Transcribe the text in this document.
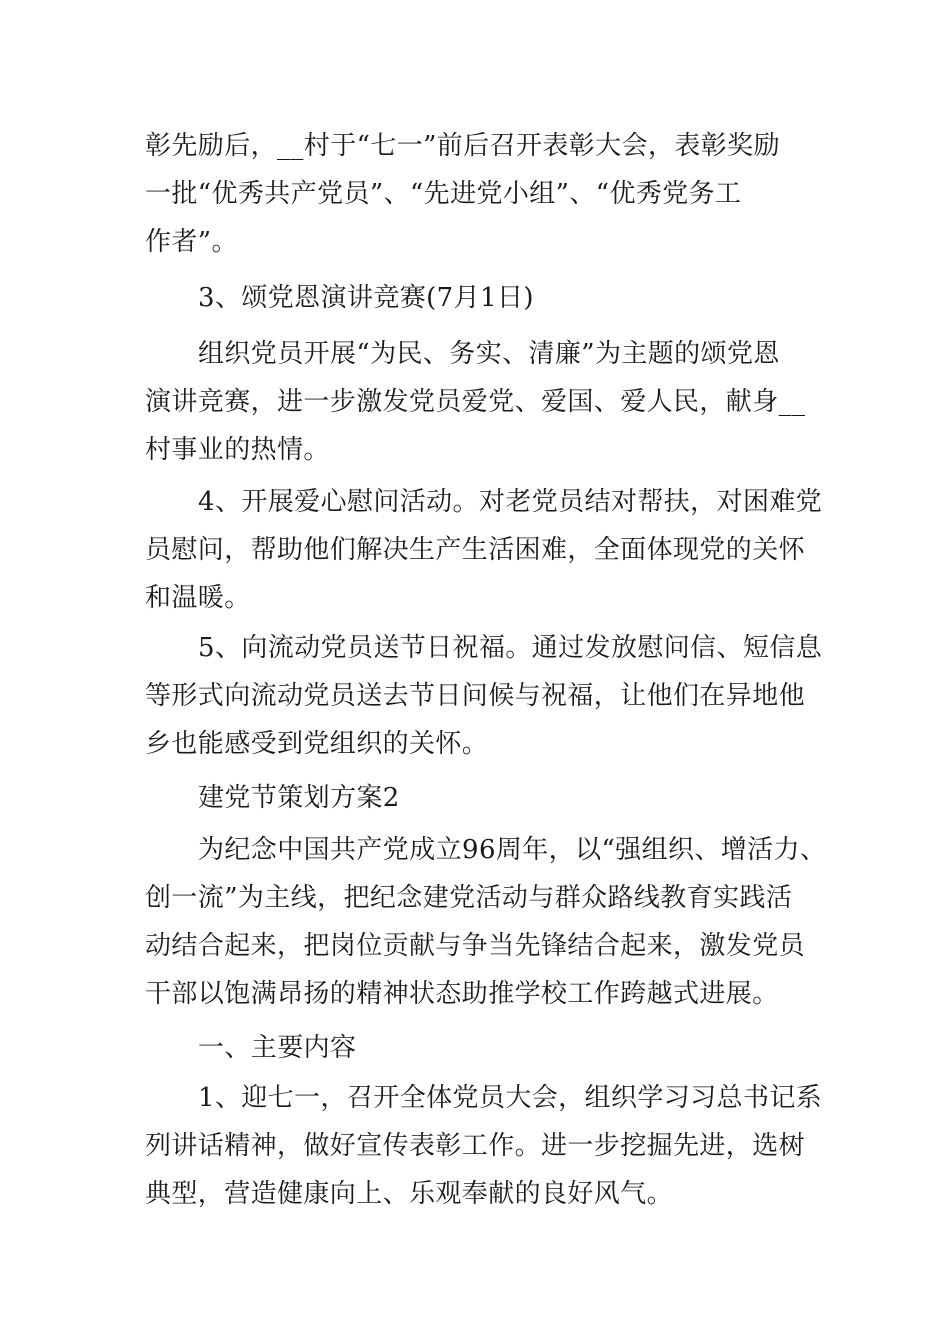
彰先励后，__村于“七一”前后召开表彰大会，表彰奖励
一批“优秀共产党员”、“先进党小组”、“优秀党务工
作者”。
3、颂党恩演讲竞赛(7月1日)
组织党员开展“为民、务实、清廉”为主题的颂党恩
演讲竞赛，进一步激发党员爱党、爱国、爱人民，献身__
村事业的热情。
4、开展爱心慰问活动。对老党员结对帮扶，对困难党
员慰问，帮助他们解决生产生活困难，全面体现党的关怀
和温暖。
5、向流动党员送节日祝福。通过发放慰问信、短信息
等形式向流动党员送去节日问候与祝福，让他们在异地他
乡也能感受到党组织的关怀。
建党节策划方案2
为纪念中国共产党成立96周年，以“强组织、增活力、
创一流”为主线，把纪念建党活动与群众路线教育实践活
动结合起来，把岗位贡献与争当先锋结合起来，激发党员
干部以饱满昂扬的精神状态助推学校工作跨越式进展。
一、主要内容
1、迎七一，召开全体党员大会，组织学习习总书记系
列讲话精神，做好宣传表彰工作。进一步挖掘先进，选树
典型，营造健康向上、乐观奉献的良好风气。
